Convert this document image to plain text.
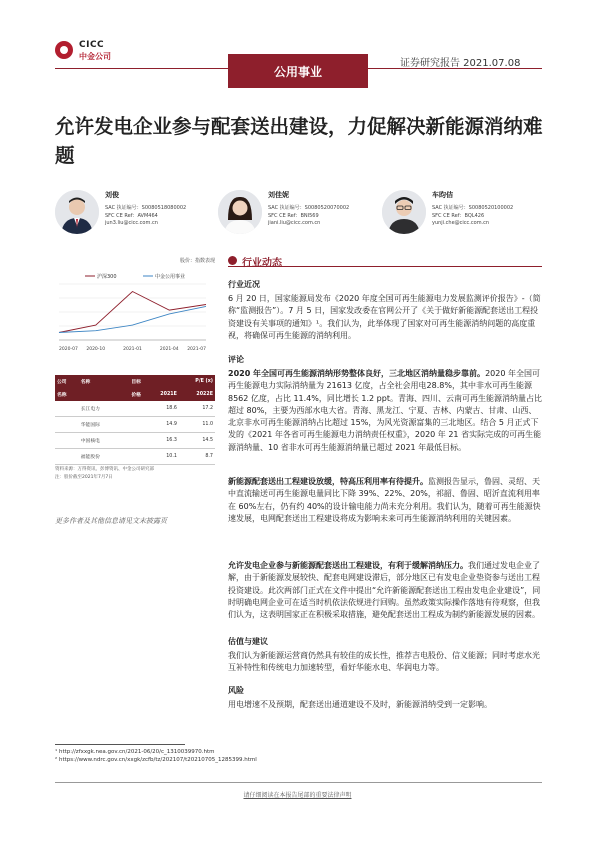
CICC
中金公司
公用事业
证券研究报告 2021.07.08
允许发电企业参与配套送出建设，力促解决新能源消纳难题
刘俊
SAC 执证编号：S0080518080002
SFC CE Ref：AVM464
jun3.liu@cicc.com.cn
刘佳妮
SAC 执证编号：S0080520070002
SFC CE Ref：BNI569
jiani.liu@cicc.com.cn
车昀佶
SAC 执证编号：S0080520100002
SFC CE Ref：BQL426
yunji.che@cicc.com.cn
股价：指数表现
沪深300	中金公用事业
2020-07 2020-10	2021-01	2021-04 2021-07
公司	名称	目标	P/E (x)	
名称		价格	2021E	2022E
	长江电力		18.6	17.2
	华能国际		14.9	11.0
	中国核电		16.3	14.5
	福能股份		10.1	8.7
资料来源：万得资讯、彭博资讯、中金公司研究部
注：股价截至2021年7月7日
更多作者及其他信息请见文末披露页
行业动态
行业近况

6 月 20 日，国家能源局发布《2020 年度全国可再生能源电力发展监测评价报告》-（简称“监测报告”）。7 月 5 日，国家发改委在官网公开了《关于做好新能源配套送出工程投资建设有关事项的通知》¹。我们认为，此举体现了国家对可再生能源消纳问题的高度重视，将确保可再生能源的消纳利用。

评论

2020 年全国可再生能源消纳形势整体良好，三北地区消纳量稳步靠前。2020 年全国可再生能源电力实际消纳量为 21613 亿度，占全社会用电28.8%，其中非水可再生能源 8562 亿度，占比 11.4%，同比增长 1.2 ppt。青海、四川、云南可再生能源消纳量占比超过 80%，主要为西部水电大省。青海、黑龙江、宁夏、吉林、内蒙古、甘肃、山西、北京非水可再生能源消纳占比超过 15%，为风光资源富集的三北地区。结合 5 月正式下发的《2021 年各省可再生能源电力消纳责任权重》，2020 年 21 省实际完成的可再生能源消纳量、10 省非水可再生能源消纳量已超过 2021 年最低目标。

新能源配套送出工程建设放缓，特高压利用率有待提升。监测报告显示，鲁固、灵绍、天中直流输送可再生能源电量同比下降 39%、22%、20%，祁韶、鲁固、昭沂直流利用率在 60%左右，仍有约 40%的设计输电能力尚未充分利用。我们认为，随着可再生能源快速发展，电网配套送出工程建设将成为影响未来可再生能源消纳利用的关键因素。

允许发电企业参与新能源配套送出工程建设，有利于缓解消纳压力。我们通过发电企业了解，由于新能源发展较快、配套电网建设滞后，部分地区已有发电企业垫资参与送出工程投资建设。此次两部门正式在文件中提出“允许新能源配套送出工程由发电企业建设”，同时明确电网企业可在适当时机依法依规进行回购。虽然政策实际操作落地有待观察，但我们认为，这表明国家正在积极采取措施，避免配套送出工程成为制约新能源发展的因素。

估值与建议

我们认为新能源运营商仍然具有较佳的成长性，推荐吉电股份、信义能源；同时考虑水光互补特性和传统电力加速转型，看好华能水电、华润电力等。

风险

用电增速不及预期，配套送出通道建设不及时，新能源消纳受到一定影响。

¹ http://zfxxgk.nea.gov.cn/2021-06/20/c_1310039970.htm
² https://www.ndrc.gov.cn/xxgk/zcfb/tz/202107/t20210705_1285399.html
请仔细阅读在本报告尾部的重要法律声明
